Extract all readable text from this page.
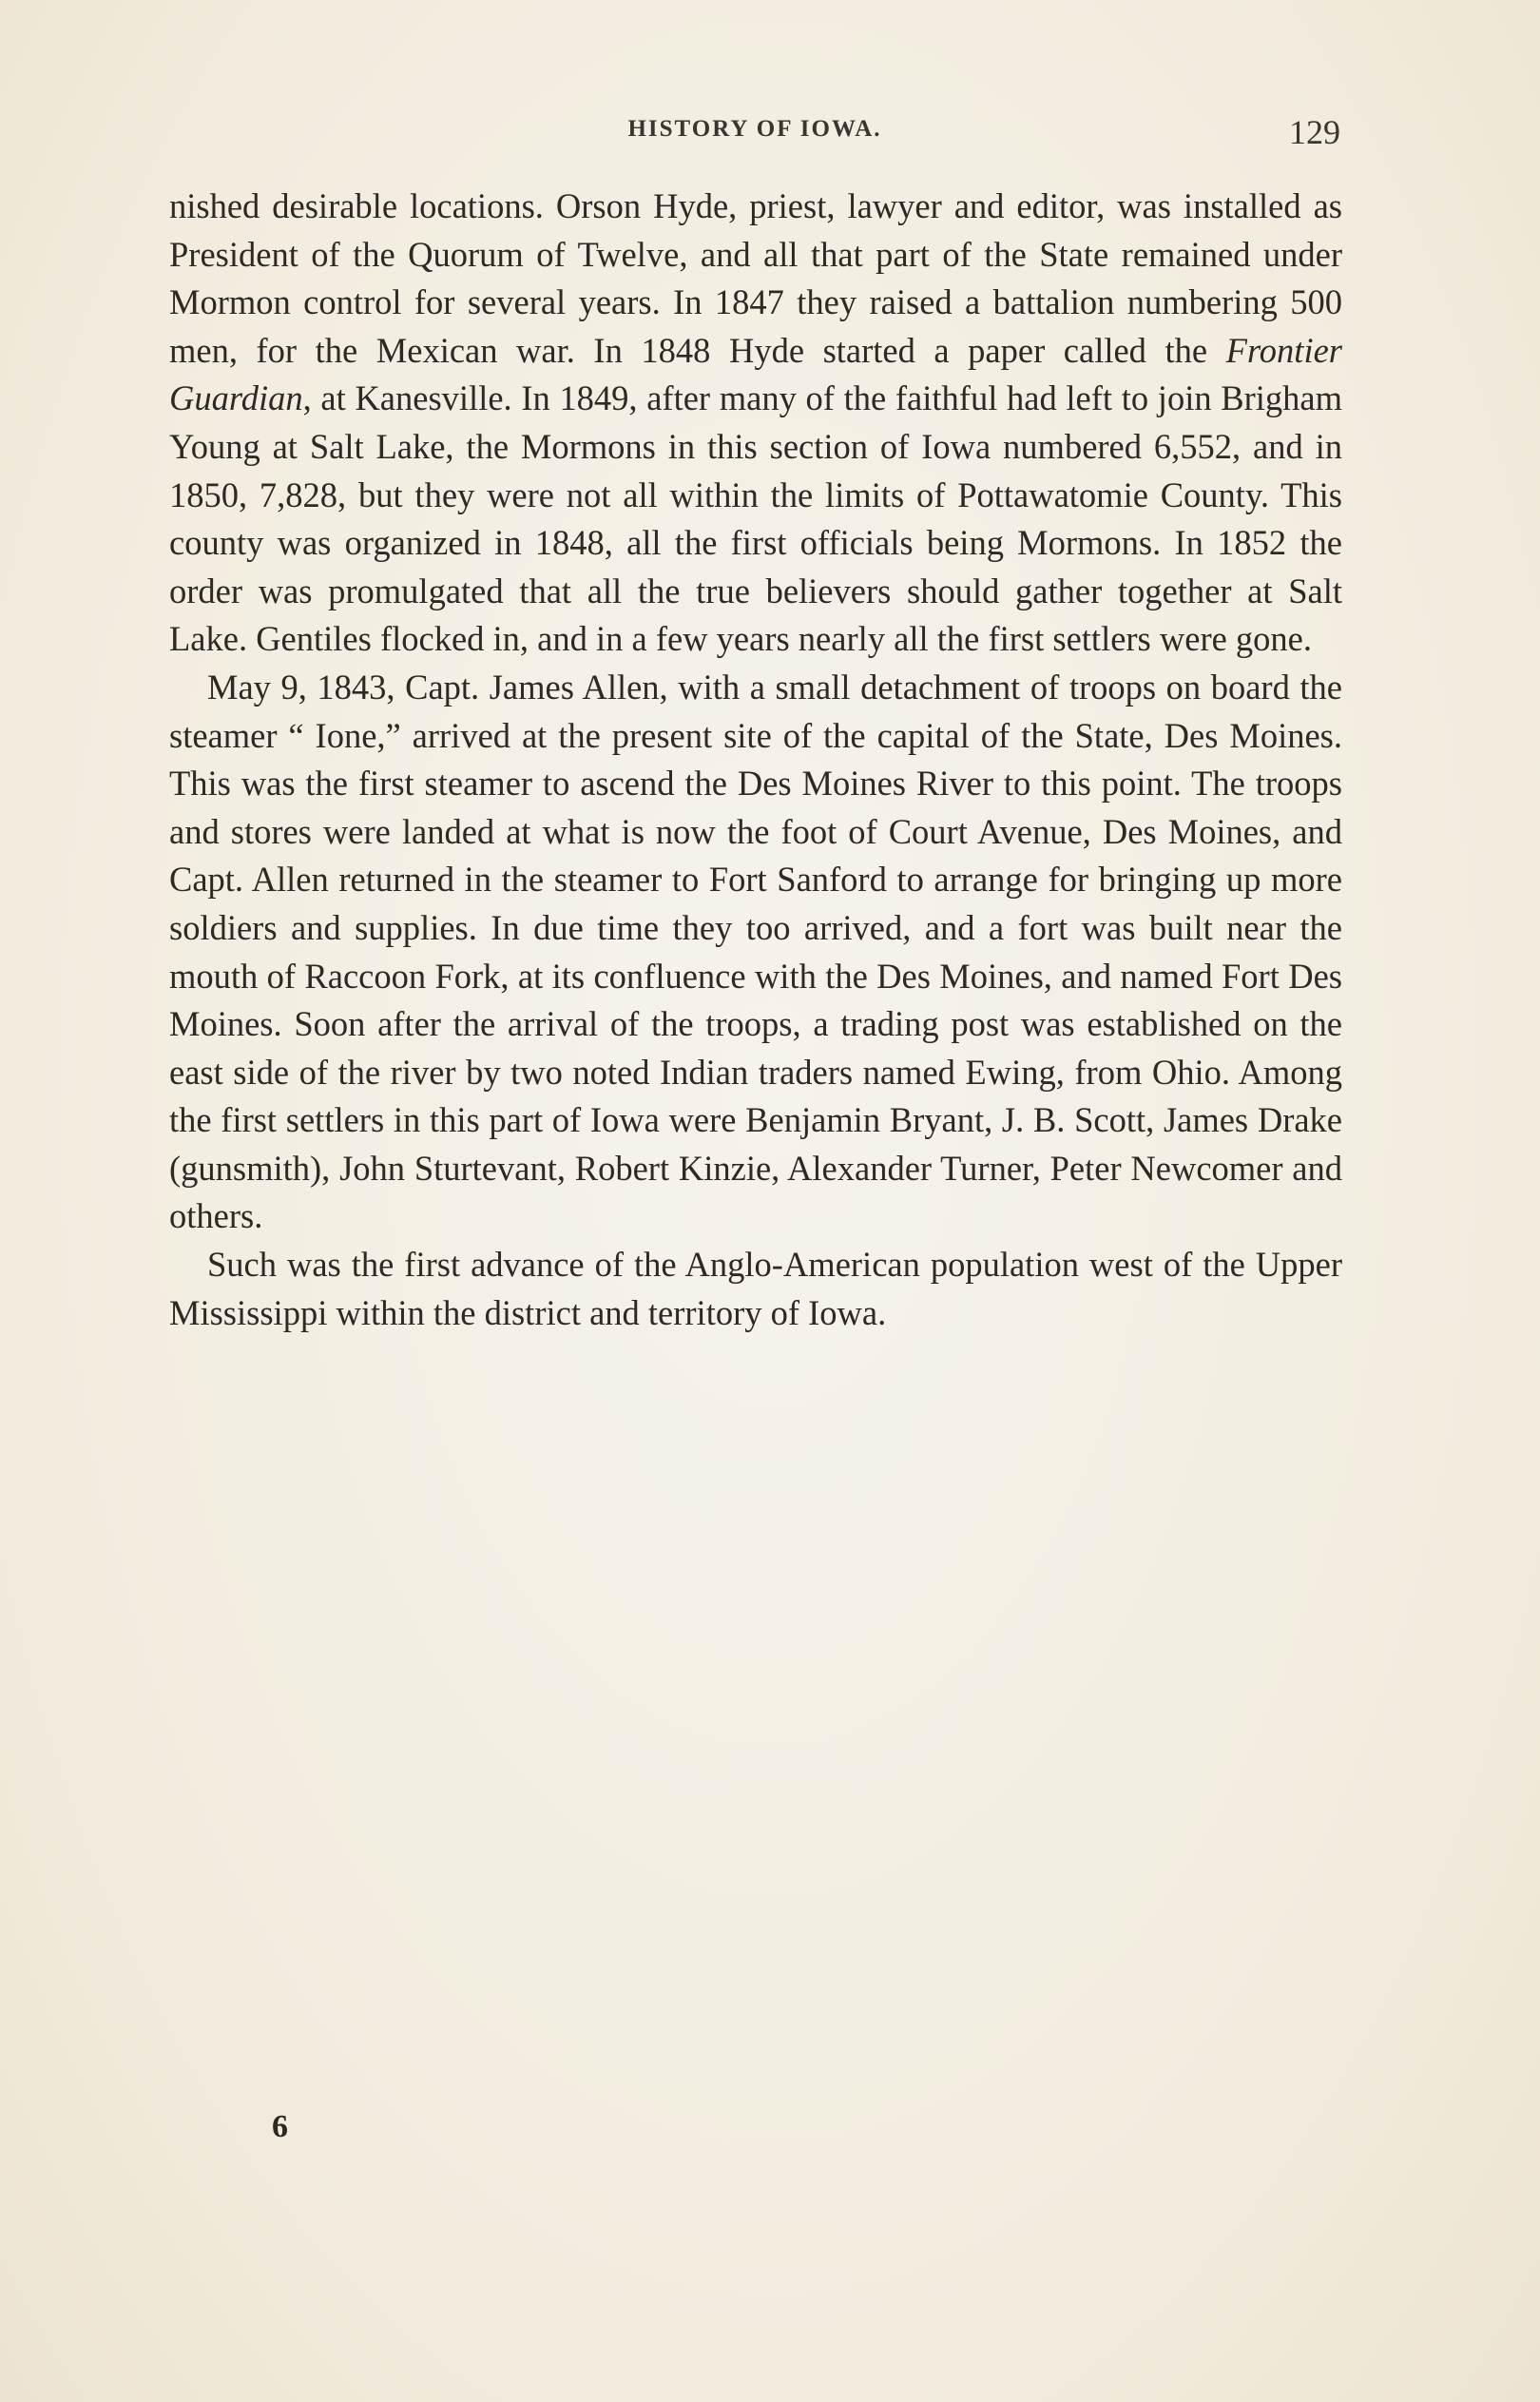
HISTORY OF IOWA.	129

nished desirable locations. Orson Hyde, priest, lawyer and editor, was installed as President of the Quorum of Twelve, and all that part of the State remained under Mormon control for several years. In 1847 they raised a battalion numbering 500 men, for the Mexican war. In 1848 Hyde started a paper called the Frontier Guardian, at Kanesville. In 1849, after many of the faithful had left to join Brigham Young at Salt Lake, the Mormons in this section of Iowa numbered 6,552, and in 1850, 7,828, but they were not all within the limits of Pottawatomie County. This county was organized in 1848, all the first officials being Mormons. In 1852 the order was promulgated that all the true believers should gather together at Salt Lake. Gentiles flocked in, and in a few years nearly all the first settlers were gone.

May 9, 1843, Capt. James Allen, with a small detachment of troops on board the steamer “ Ione,” arrived at the present site of the capital of the State, Des Moines. This was the first steamer to ascend the Des Moines River to this point. The troops and stores were landed at what is now the foot of Court Avenue, Des Moines, and Capt. Allen returned in the steamer to Fort Sanford to arrange for bringing up more soldiers and supplies. In due time they too arrived, and a fort was built near the mouth of Raccoon Fork, at its confluence with the Des Moines, and named Fort Des Moines. Soon after the arrival of the troops, a trading post was established on the east side of the river by two noted Indian traders named Ewing, from Ohio. Among the first settlers in this part of Iowa were Benjamin Bryant, J. B. Scott, James Drake (gunsmith), John Sturtevant, Robert Kinzie, Alexander Turner, Peter Newcomer and others.

Such was the first advance of the Anglo-American population west of the Upper Mississippi within the district and territory of Iowa.

6
